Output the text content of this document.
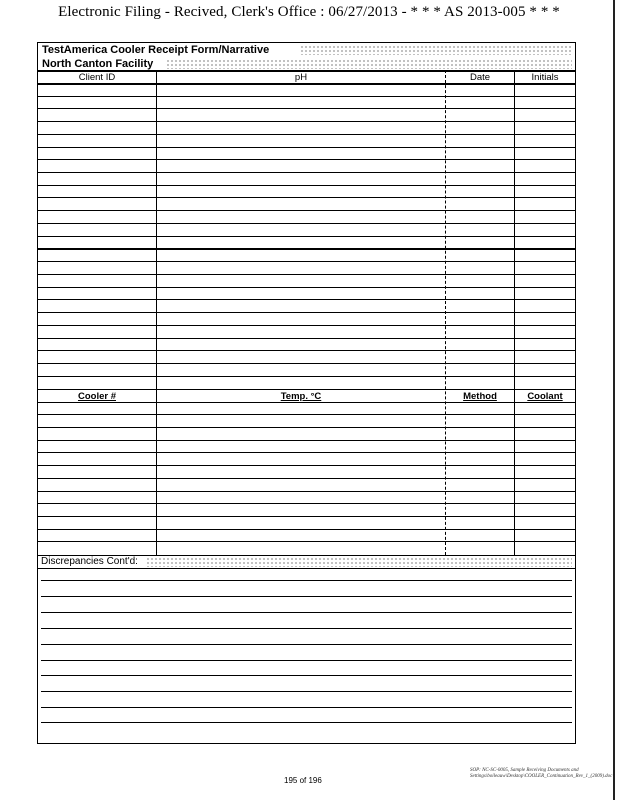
Electronic Filing - Recived, Clerk's Office : 06/27/2013 - * * * AS 2013-005 * * *
TestAmerica Cooler Receipt Form/Narrative
North Canton Facility
Client ID	pH	Date	Initials
Cooler #	Temp. °C	Method	Coolant
Discrepancies Cont'd:
195 of 196
SOP: NC-SC-0005, Sample Receiving Documents and Settings\boileauw\Desktop\COOLER_Continuation_Rev_1_(2009).doc
